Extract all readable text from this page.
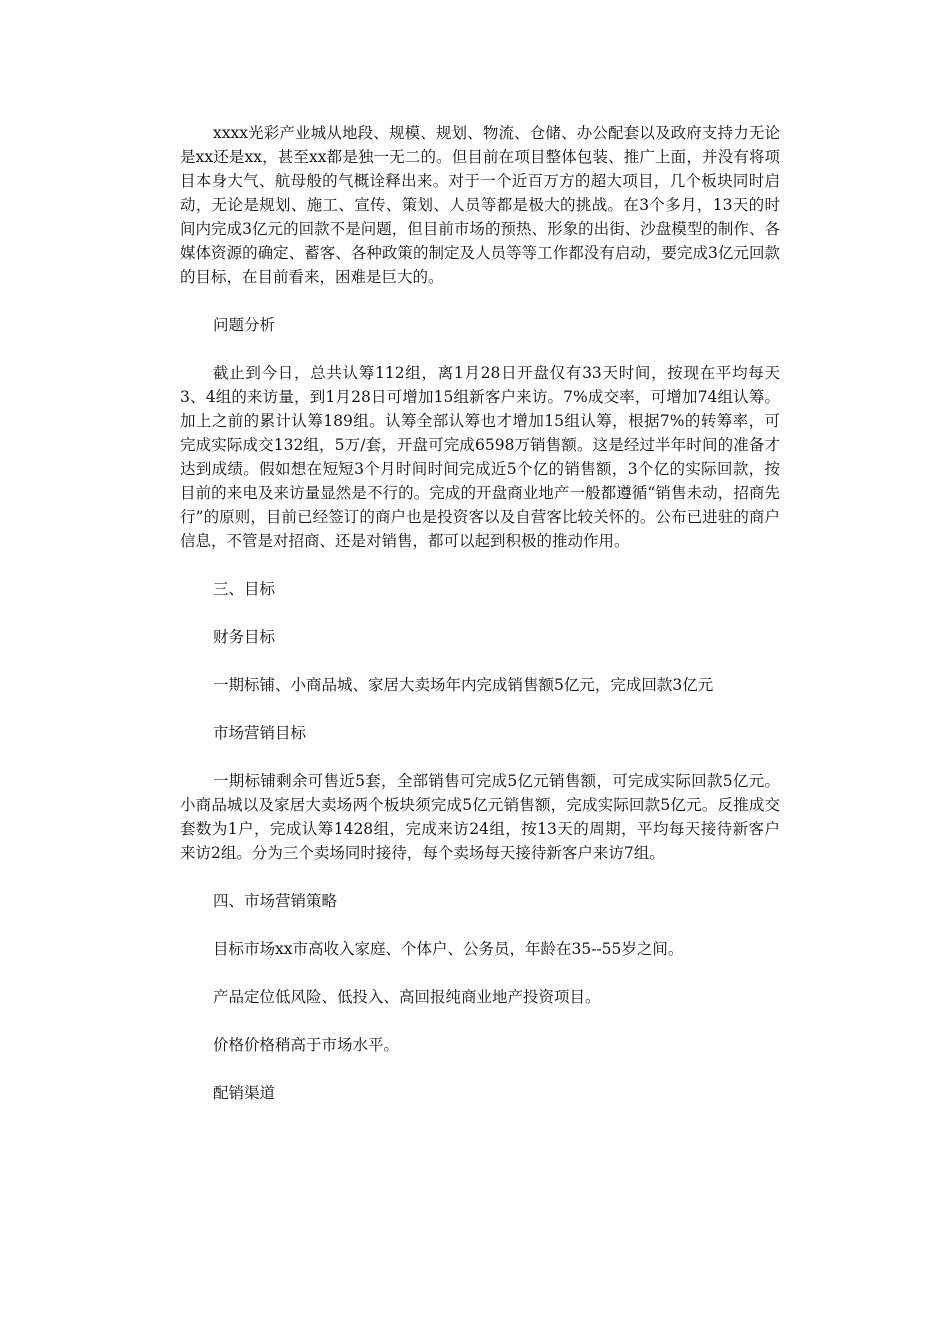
xxxx光彩产业城从地段、规模、规划、物流、仓储、办公配套以及政府支持力无论是xx还是xx，甚至xx都是独一无二的。但目前在项目整体包装、推广上面，并没有将项目本身大气、航母般的气概诠释出来。对于一个近百万方的超大项目，几个板块同时启动，无论是规划、施工、宣传、策划、人员等都是极大的挑战。在3个多月，13天的时间内完成3亿元的回款不是问题，但目前市场的预热、形象的出街、沙盘模型的制作、各媒体资源的确定、蓄客、各种政策的制定及人员等等工作都没有启动，要完成3亿元回款的目标，在目前看来，困难是巨大的。

问题分析

截止到今日，总共认筹112组，离1月28日开盘仅有33天时间，按现在平均每天3、4组的来访量，到1月28日可增加15组新客户来访。7%成交率，可增加74组认筹。加上之前的累计认筹189组。认筹全部认筹也才增加15组认筹，根据7%的转筹率，可完成实际成交132组，5万/套，开盘可完成6598万销售额。这是经过半年时间的准备才达到成绩。假如想在短短3个月时间时间完成近5个亿的销售额，3个亿的实际回款，按目前的来电及来访量显然是不行的。完成的开盘商业地产一般都遵循“销售未动，招商先行”的原则，目前已经签订的商户也是投资客以及自营客比较关怀的。公布已进驻的商户信息，不管是对招商、还是对销售，都可以起到积极的推动作用。

三、目标

财务目标

一期标铺、小商品城、家居大卖场年内完成销售额5亿元，完成回款3亿元

市场营销目标

一期标铺剩余可售近5套，全部销售可完成5亿元销售额，可完成实际回款5亿元。小商品城以及家居大卖场两个板块须完成5亿元销售额，完成实际回款5亿元。反推成交套数为1户，完成认筹1428组，完成来访24组，按13天的周期，平均每天接待新客户来访2组。分为三个卖场同时接待，每个卖场每天接待新客户来访7组。

四、市场营销策略

目标市场xx市高收入家庭、个体户、公务员，年龄在35--55岁之间。

产品定位低风险、低投入、高回报纯商业地产投资项目。

价格价格稍高于市场水平。

配销渠道
